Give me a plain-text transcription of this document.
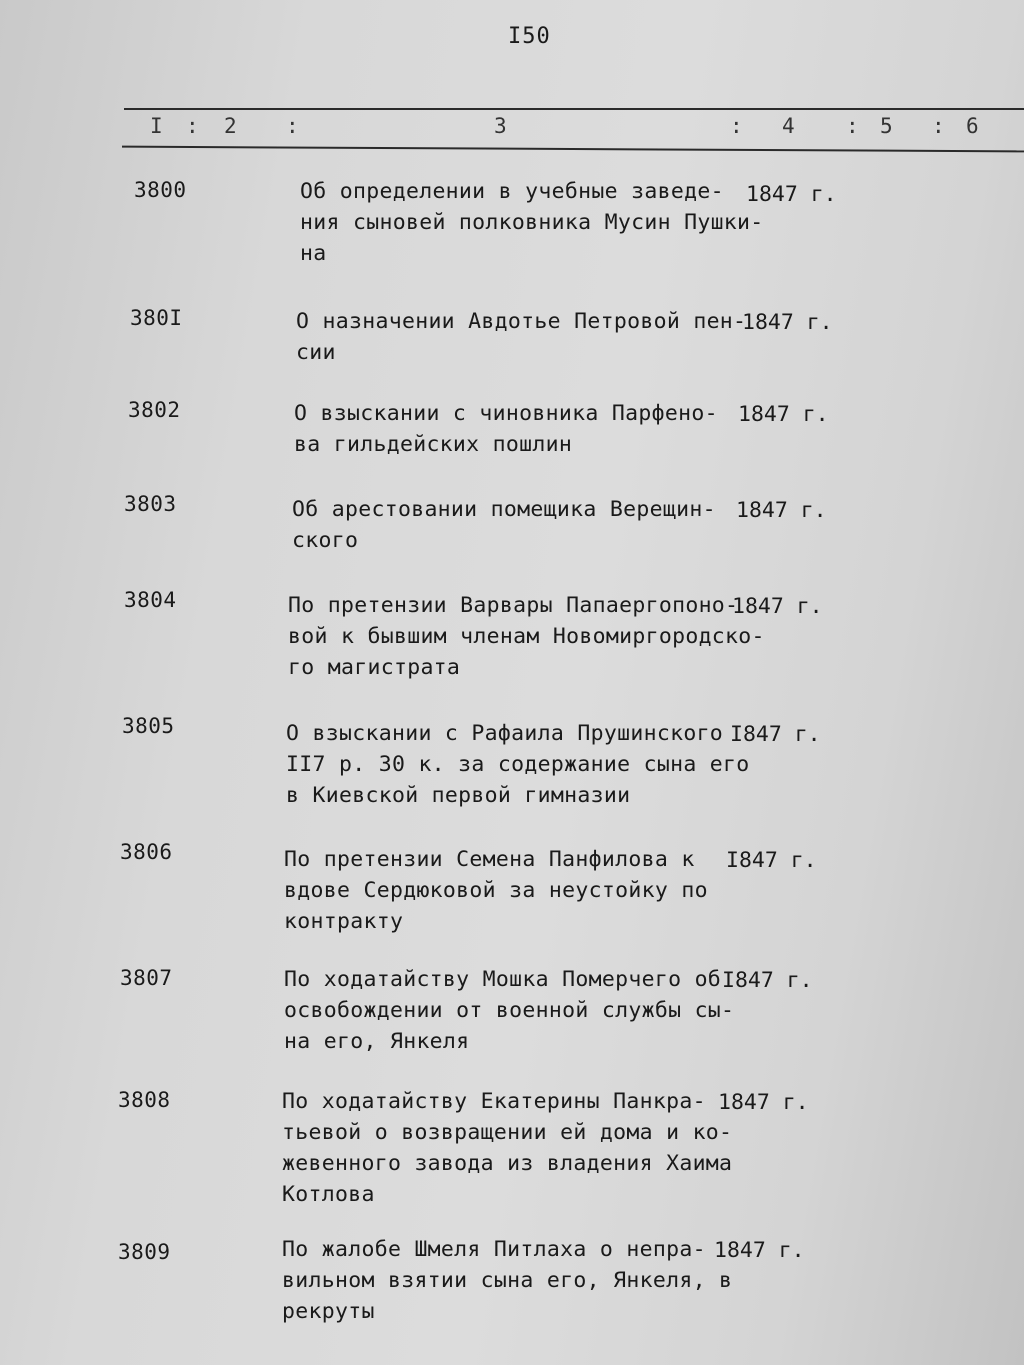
I50
I : 2 :	3	: 4 : 5 : 6
3800	Об определении в учебные заведе-
ния сыновей полковника Мусин Пушки-
на
1847 г.
380I	О назначении Авдотье Петровой пен-
сии
1847 г.
3802	О взыскании с чиновника Парфено-
ва гильдейских пошлин
1847 г.
3803	Об арестовании помещика Верещин-
ского
1847 г.
3804	По претензии Варвары Папаергопоно-
вой к бывшим членам Новомиргородско-
го магистрата
1847 г.
3805	О взыскании с Рафаила Прушинского
II7 р. 30 к. за содержание сына его
в Киевской первой гимназии
I847 г.
3806	По претензии Семена Панфилова к
вдове Сердюковой за неустойку по
контракту
I847 г.
3807	По ходатайству Мошка Померчего об
освобождении от военной службы сы-
на его, Янкеля
I847 г.
3808	По ходатайству Екатерины Панкра-
тьевой о возвращении ей дома и ко-
жевенного завода из владения Хаима
Котлова
1847 г.
3809	По жалобе Шмеля Питлаха о непра-
вильном взятии сына его, Янкеля, в
рекруты
1847 г.
